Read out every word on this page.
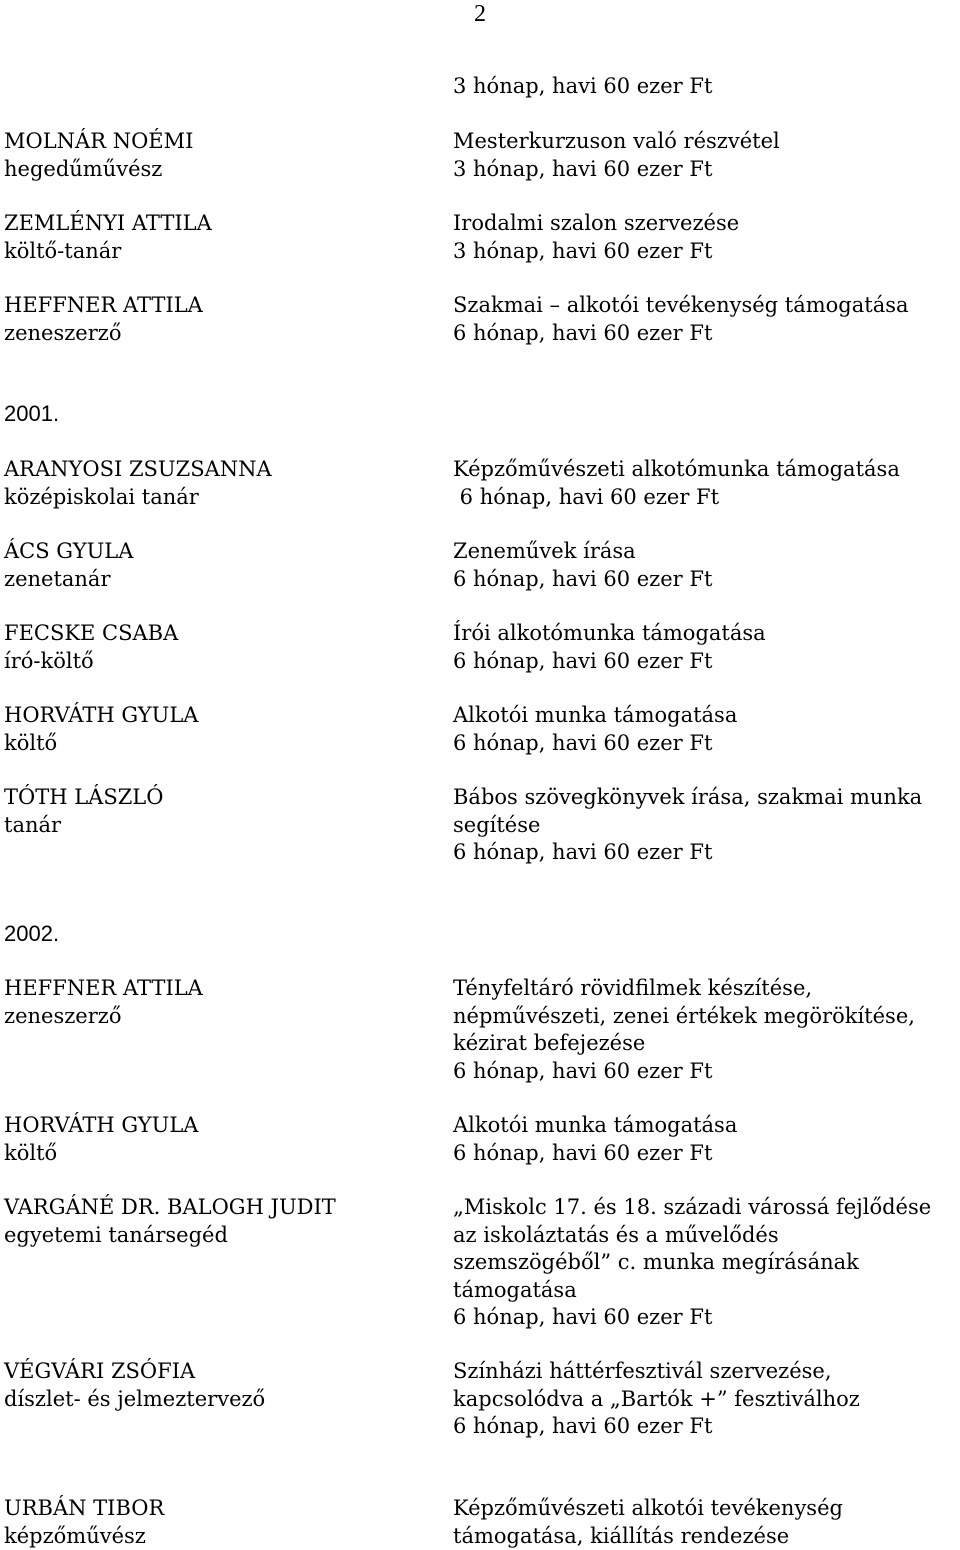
2
3 hónap, havi 60 ezer Ft
MOLNÁR NOÉMI
hegedűművész
Mesterkurzuson való részvétel
3 hónap, havi 60 ezer Ft
ZEMLÉNYI ATTILA
költő-tanár
Irodalmi szalon szervezése
3 hónap, havi 60 ezer Ft
HEFFNER ATTILA
zeneszerző
Szakmai – alkotói tevékenység támogatása
6 hónap, havi 60 ezer Ft
2001.
ARANYOSI ZSUZSANNA
középiskolai tanár
Képzőművészeti alkotómunka támogatása
6 hónap, havi 60 ezer Ft
ÁCS GYULA
zenetanár
Zeneművek írása
6 hónap, havi 60 ezer Ft
FECSKE CSABA
író-költő
Írói alkotómunka támogatása
6 hónap, havi 60 ezer Ft
HORVÁTH GYULA
költő
Alkotói munka támogatása
6 hónap, havi 60 ezer Ft
TÓTH LÁSZLÓ
tanár
Bábos szövegkönyvek írása, szakmai munka
segítése
6 hónap, havi 60 ezer Ft
2002.
HEFFNER ATTILA
zeneszerző
Tényfeltáró rövidfilmek készítése,
népművészeti, zenei értékek megörökítése,
kézirat befejezése
6 hónap, havi 60 ezer Ft
HORVÁTH GYULA
költő
Alkotói munka támogatása
6 hónap, havi 60 ezer Ft
VARGÁNÉ DR. BALOGH JUDIT
egyetemi tanársegéd
„Miskolc 17. és 18. századi várossá fejlődése
az iskoláztatás és a művelődés
szemszögéből” c. munka megírásának
támogatása
6 hónap, havi 60 ezer Ft
VÉGVÁRI ZSÓFIA
díszlet- és jelmeztervező
Színházi háttérfesztivál szervezése,
kapcsolódva a „Bartók +” fesztiválhoz
6 hónap, havi 60 ezer Ft
URBÁN TIBOR
képzőművész
Képzőművészeti alkotói tevékenység
támogatása, kiállítás rendezése
